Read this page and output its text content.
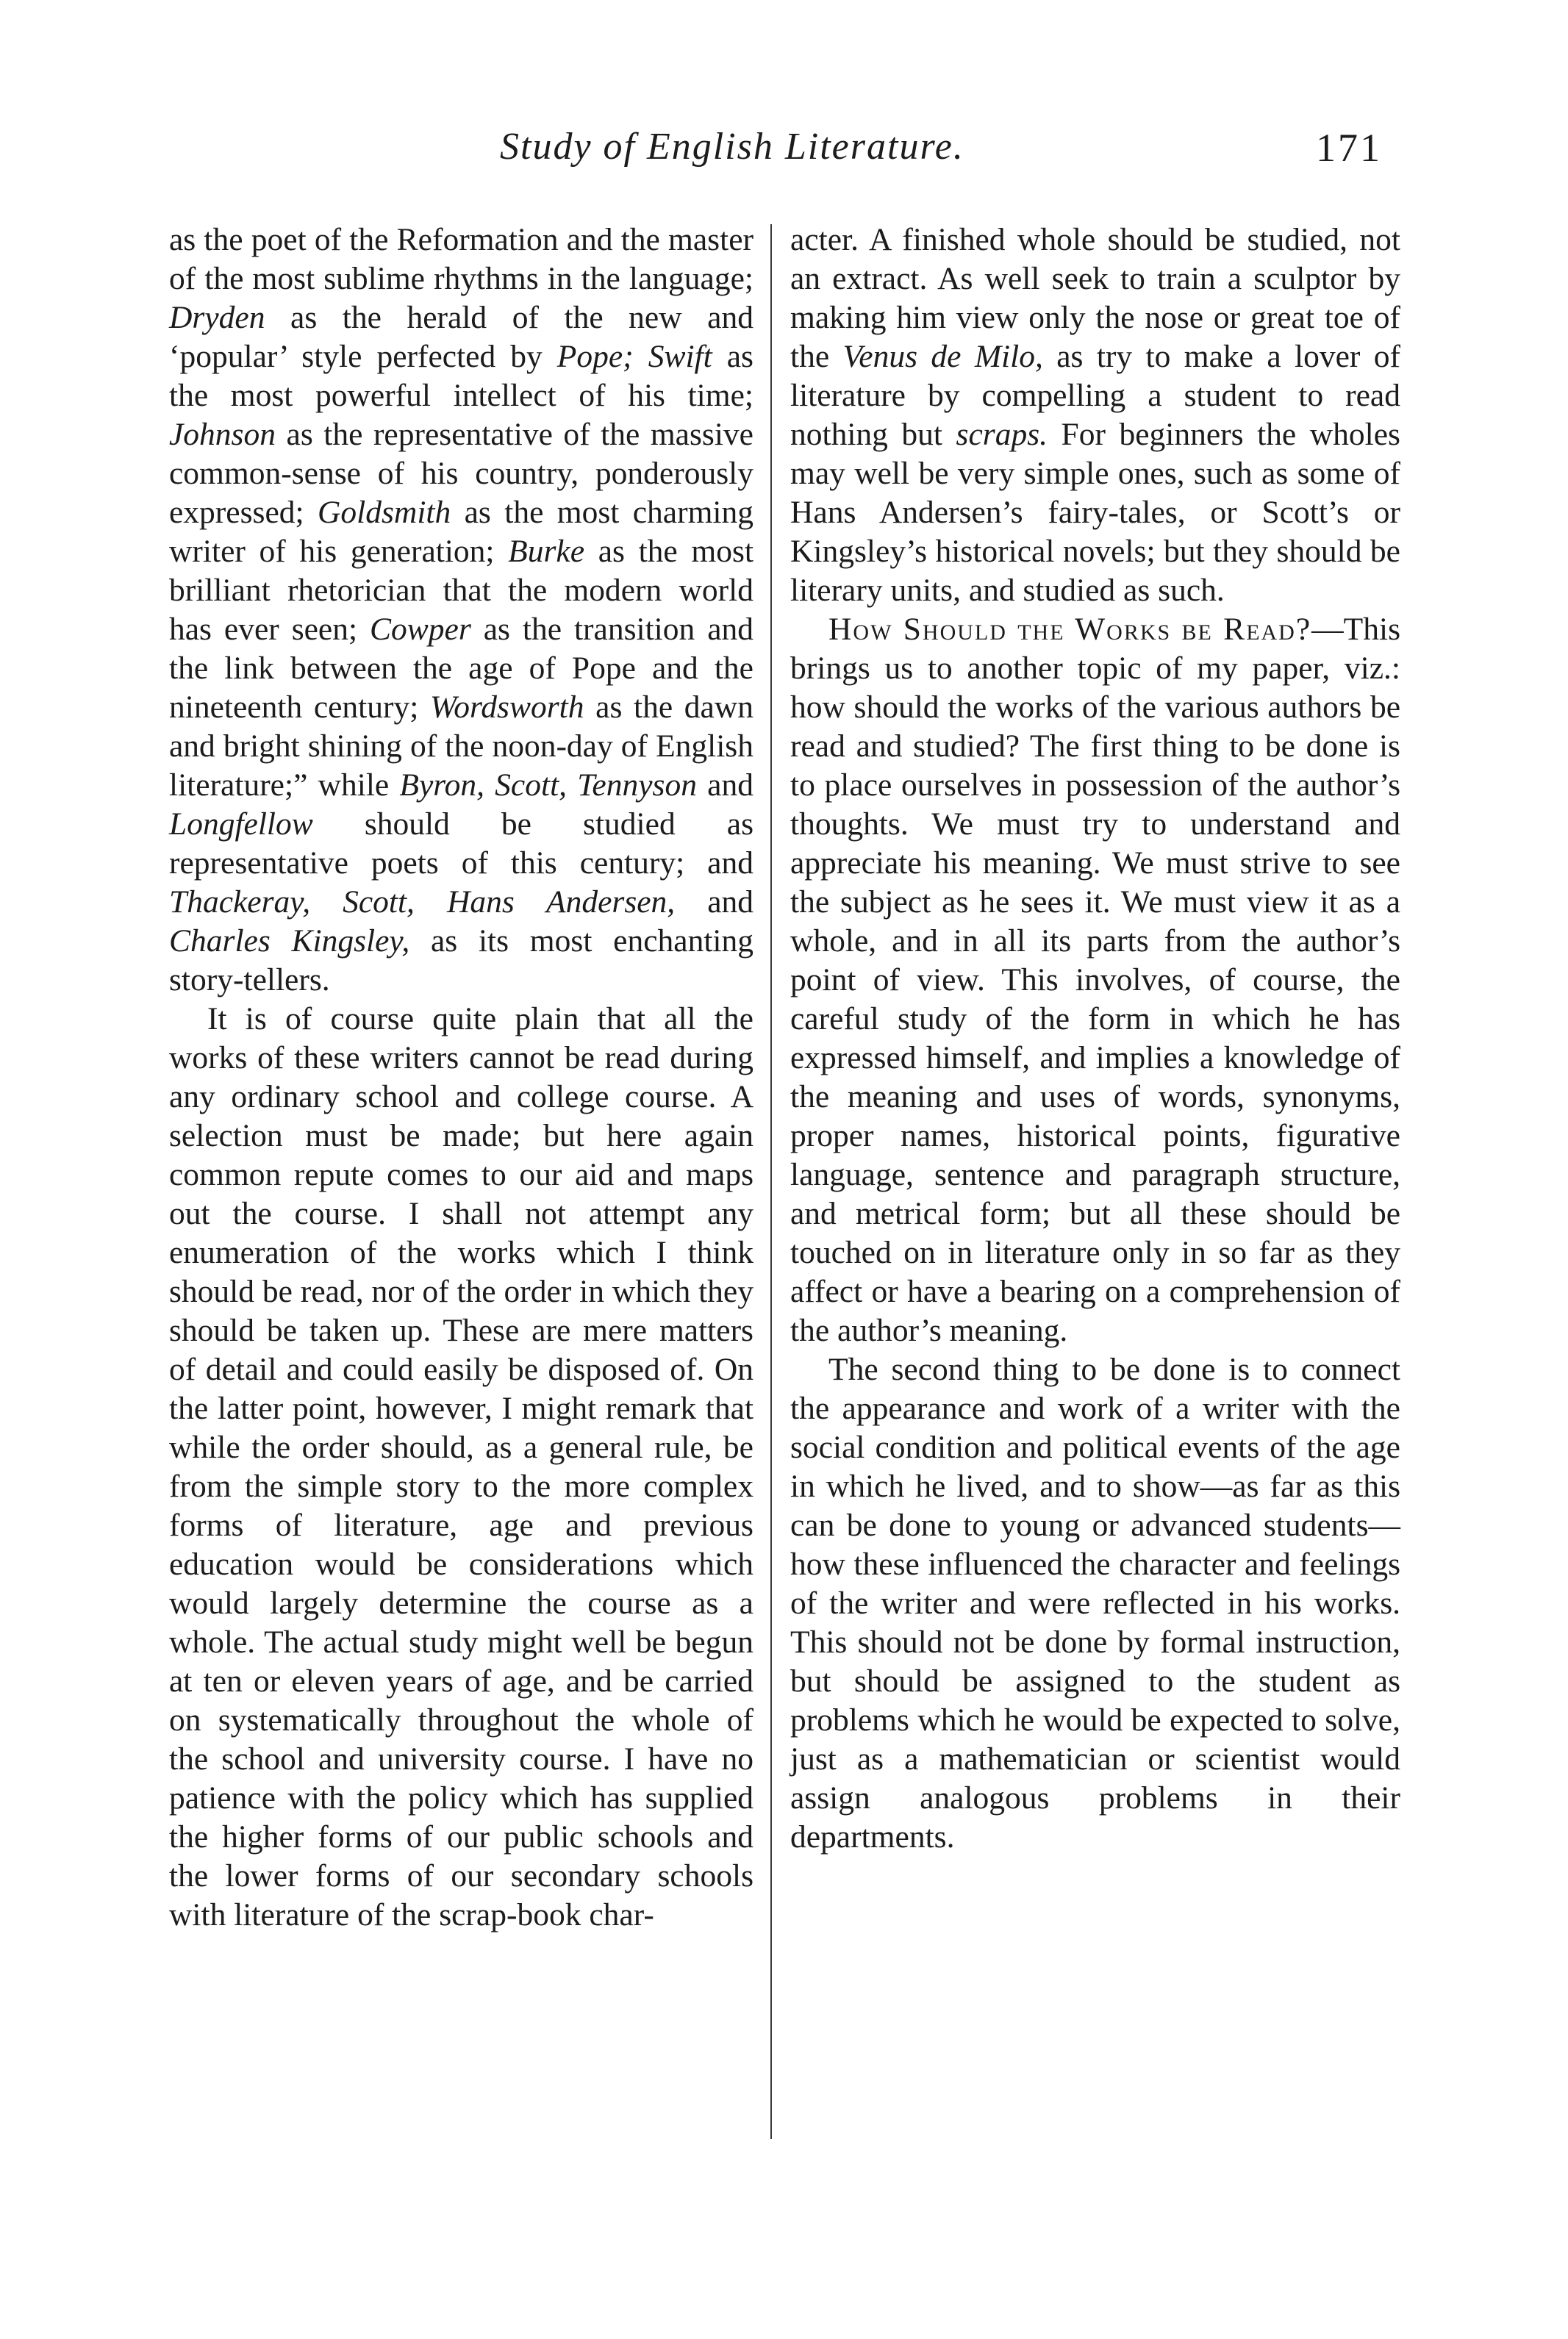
Study of English Literature.	171

as the poet of the Reformation and the master of the most sublime rhythms in the language; Dryden as the herald of the new and ‘popular’ style perfected by Pope; Swift as the most powerful intellect of his time; Johnson as the representative of the massive common-sense of his country, ponderously expressed; Goldsmith as the most charming writer of his generation; Burke as the most brilliant rhetorician that the modern world has ever seen; Cowper as the transition and the link between the age of Pope and the nineteenth century; Wordsworth as the dawn and bright shining of the noon-day of English literature;” while Byron, Scott, Tennyson and Longfellow should be studied as representative poets of this century; and Thackeray, Scott, Hans Andersen, and Charles Kingsley, as its most enchanting story-tellers.

It is of course quite plain that all the works of these writers cannot be read during any ordinary school and college course. A selection must be made; but here again common repute comes to our aid and maps out the course. I shall not attempt any enumeration of the works which I think should be read, nor of the order in which they should be taken up. These are mere matters of detail and could easily be disposed of. On the latter point, however, I might remark that while the order should, as a general rule, be from the simple story to the more complex forms of literature, age and previous education would be considerations which would largely determine the course as a whole. The actual study might well be begun at ten or eleven years of age, and be carried on systematically throughout the whole of the school and university course. I have no patience with the policy which has supplied the higher forms of our public schools and the lower forms of our secondary schools with literature of the scrap-book char-

acter. A finished whole should be studied, not an extract. As well seek to train a sculptor by making him view only the nose or great toe of the Venus de Milo, as try to make a lover of literature by compelling a student to read nothing but scraps. For beginners the wholes may well be very simple ones, such as some of Hans Andersen’s fairy-tales, or Scott’s or Kingsley’s historical novels; but they should be literary units, and studied as such.

How Should the Works be Read?—This brings us to another topic of my paper, viz.: how should the works of the various authors be read and studied? The first thing to be done is to place ourselves in possession of the author’s thoughts. We must try to understand and appreciate his meaning. We must strive to see the subject as he sees it. We must view it as a whole, and in all its parts from the author’s point of view. This involves, of course, the careful study of the form in which he has expressed himself, and implies a knowledge of the meaning and uses of words, synonyms, proper names, historical points, figurative language, sentence and paragraph structure, and metrical form; but all these should be touched on in literature only in so far as they affect or have a bearing on a comprehension of the author’s meaning.

The second thing to be done is to connect the appearance and work of a writer with the social condition and political events of the age in which he lived, and to show—as far as this can be done to young or advanced students—how these influenced the character and feelings of the writer and were reflected in his works. This should not be done by formal instruction, but should be assigned to the student as problems which he would be expected to solve, just as a mathematician or scientist would assign analogous problems in their departments.
